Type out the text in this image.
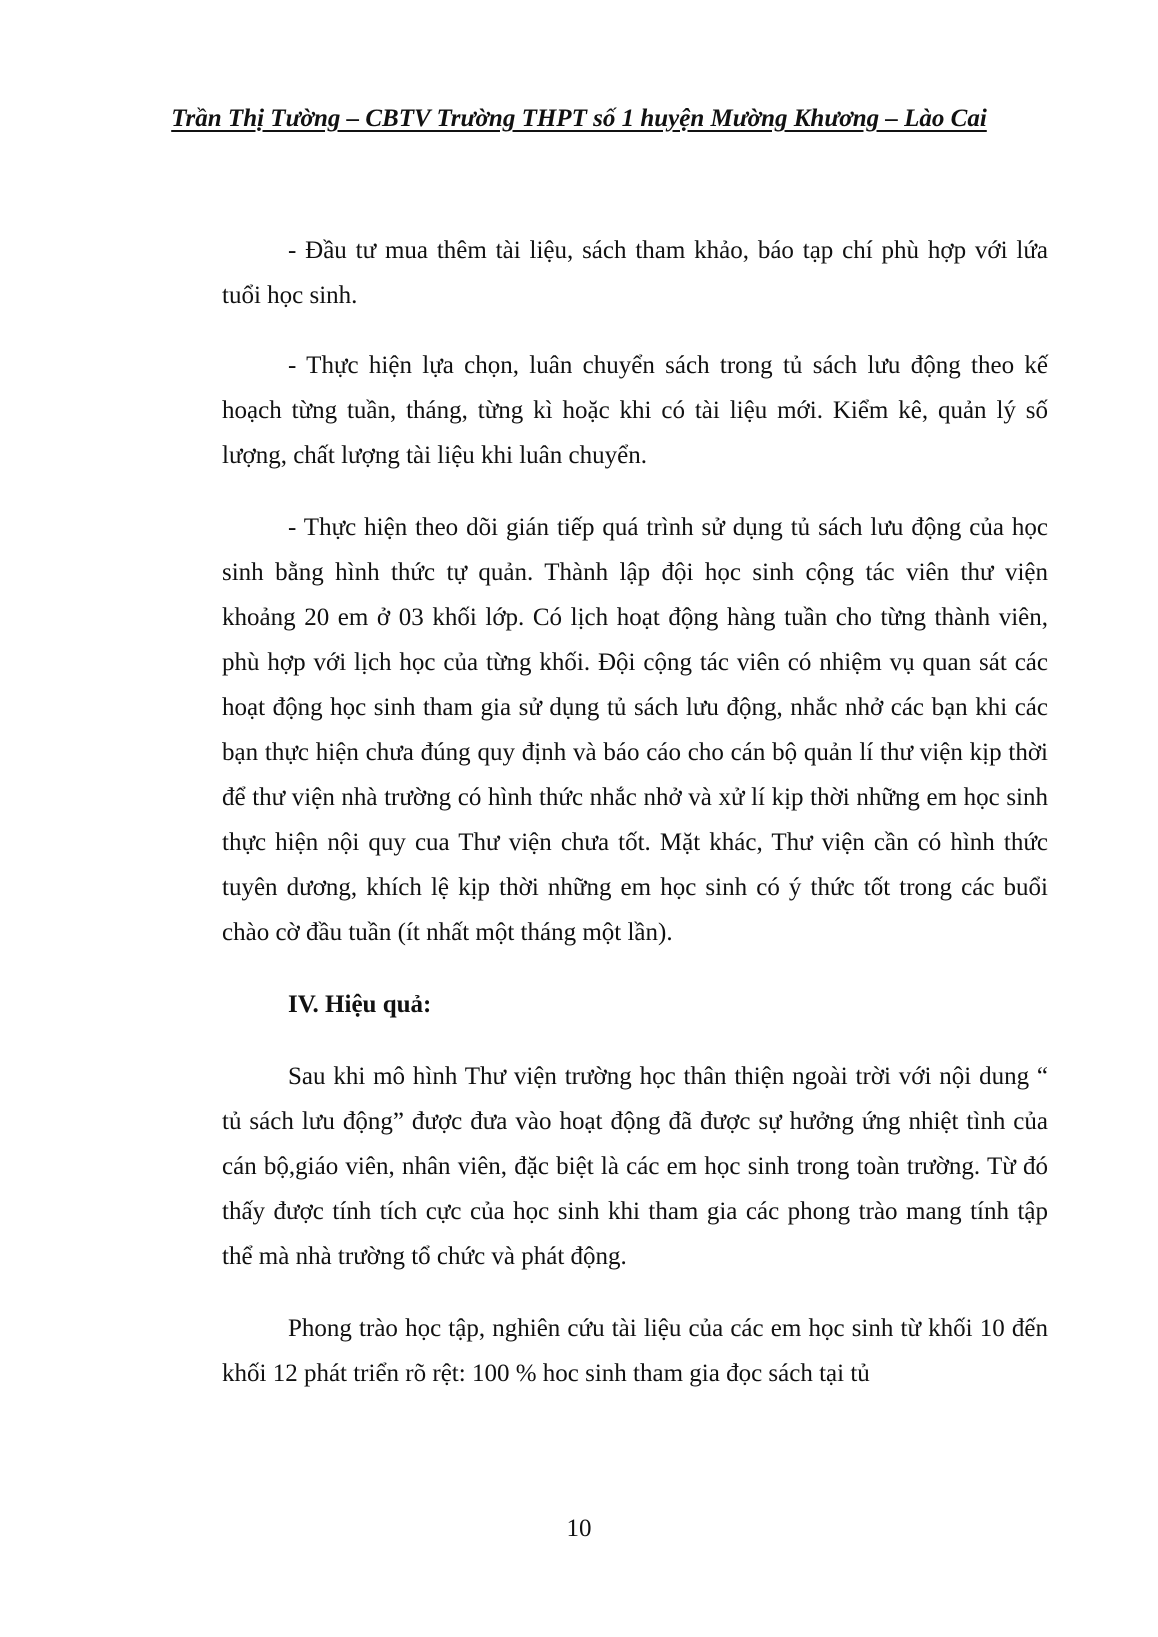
Trần Thị Tường – CBTV Trường THPT số 1 huyện Mường Khương – Lào Cai

- Đầu tư mua thêm tài liệu, sách tham khảo, báo tạp chí phù hợp với lứa tuổi học sinh.

- Thực hiện lựa chọn, luân chuyển sách trong tủ sách lưu động theo kế hoạch từng tuần, tháng, từng kì hoặc khi có tài liệu mới. Kiểm kê, quản lý số lượng, chất lượng tài liệu khi luân chuyển.

- Thực hiện theo dõi gián tiếp quá trình sử dụng tủ sách lưu động của học sinh bằng hình thức tự quản. Thành lập đội học sinh cộng tác viên thư viện khoảng 20 em ở 03 khối lớp. Có lịch hoạt động hàng tuần cho từng thành viên, phù hợp với lịch học của từng khối. Đội cộng tác viên có nhiệm vụ quan sát các hoạt động học sinh tham gia sử dụng tủ sách lưu động, nhắc nhở các bạn khi các bạn thực hiện chưa đúng quy định và báo cáo cho cán bộ quản lí thư viện kịp thời để thư viện nhà trường có hình thức nhắc nhở và xử lí kịp thời những em học sinh thực hiện nội quy cua Thư viện chưa tốt. Mặt khác, Thư viện cần có hình thức tuyên dương, khích lệ kịp thời những em học sinh có ý thức tốt trong các buổi chào cờ đầu tuần (ít nhất một tháng một lần).

IV. Hiệu quả:

Sau khi mô hình Thư viện trường học thân thiện ngoài trời với nội dung “ tủ sách lưu động” được đưa vào hoạt động đã được sự hưởng ứng nhiệt tình của cán bộ,giáo viên, nhân viên, đặc biệt là các em học sinh trong toàn trường. Từ đó thấy được tính tích cực của học sinh khi tham gia các phong trào mang tính tập thể mà nhà trường tổ chức và phát động.

Phong trào học tập, nghiên cứu tài liệu của các em học sinh từ khối 10 đến khối 12 phát triển rõ rệt: 100 % hoc sinh tham gia đọc sách tại tủ

10
